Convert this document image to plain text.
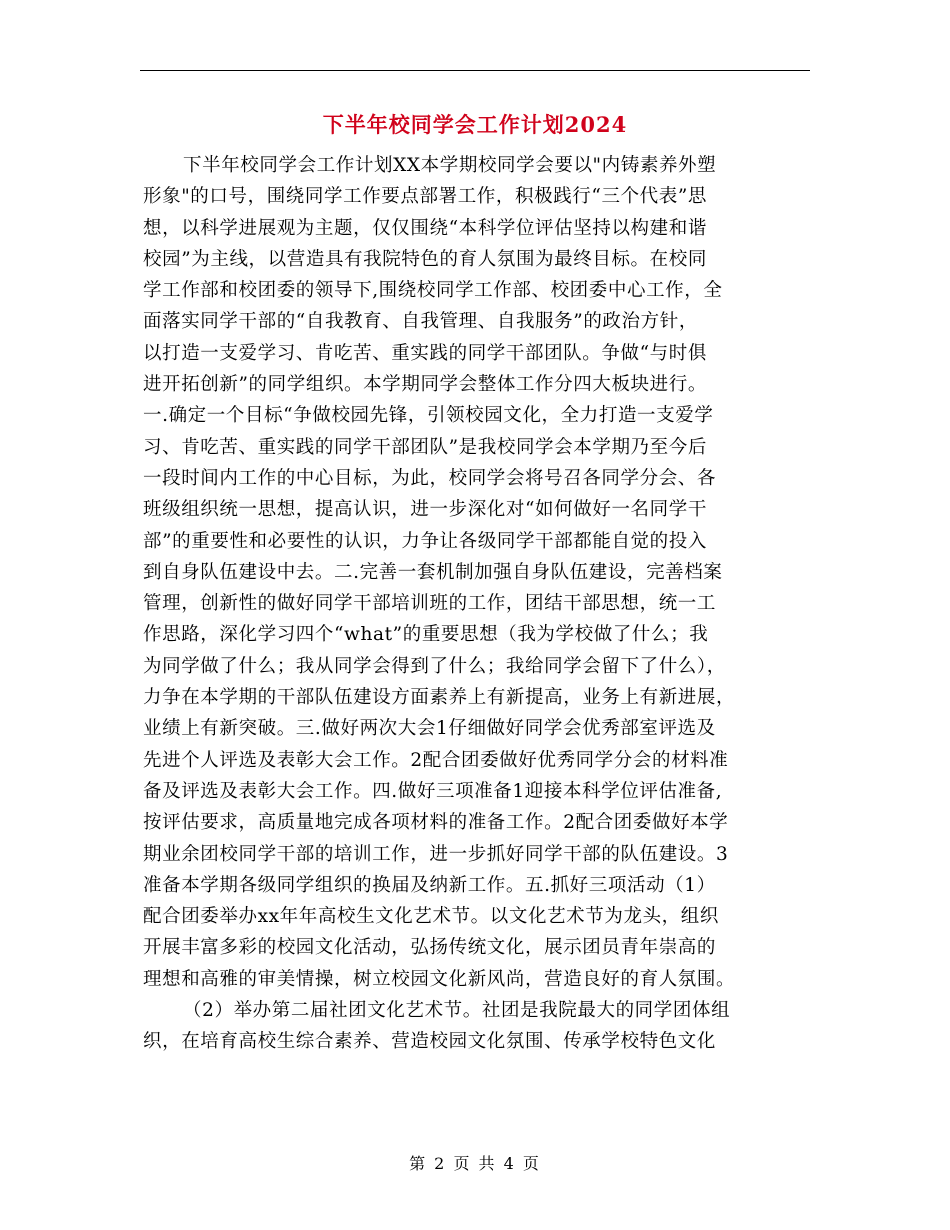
下半年校同学会工作计划2024
下半年校同学会工作计划XX本学期校同学会要以"内铸素养外塑
形象"的口号，围绕同学工作要点部署工作，积极践行“三个代表”思
想，以科学进展观为主题，仅仅围绕“本科学位评估坚持以构建和谐
校园”为主线，以营造具有我院特色的育人氛围为最终目标。在校同
学工作部和校团委的领导下,围绕校同学工作部、校团委中心工作，全
面落实同学干部的“自我教育、自我管理、自我服务”的政治方针，
以打造一支爱学习、肯吃苦、重实践的同学干部团队。争做“与时俱
进开拓创新”的同学组织。本学期同学会整体工作分四大板块进行。
一.确定一个目标“争做校园先锋，引领校园文化，全力打造一支爱学
习、肯吃苦、重实践的同学干部团队”是我校同学会本学期乃至今后
一段时间内工作的中心目标，为此，校同学会将号召各同学分会、各
班级组织统一思想，提高认识，进一步深化对“如何做好一名同学干
部”的重要性和必要性的认识，力争让各级同学干部都能自觉的投入
到自身队伍建设中去。二.完善一套机制加强自身队伍建设，完善档案
管理，创新性的做好同学干部培训班的工作，团结干部思想，统一工
作思路，深化学习四个“what”的重要思想（我为学校做了什么；我
为同学做了什么；我从同学会得到了什么；我给同学会留下了什么），
力争在本学期的干部队伍建设方面素养上有新提高，业务上有新进展，
业绩上有新突破。三.做好两次大会1仔细做好同学会优秀部室评选及
先进个人评选及表彰大会工作。2配合团委做好优秀同学分会的材料准
备及评选及表彰大会工作。四.做好三项准备1迎接本科学位评估准备,
按评估要求，高质量地完成各项材料的准备工作。2配合团委做好本学
期业余团校同学干部的培训工作，进一步抓好同学干部的队伍建设。3
准备本学期各级同学组织的换届及纳新工作。五.抓好三项活动（1）
配合团委举办xx年年高校生文化艺术节。以文化艺术节为龙头，组织
开展丰富多彩的校园文化活动，弘扬传统文化，展示团员青年崇高的
理想和高雅的审美情操，树立校园文化新风尚，营造良好的育人氛围。
（2）举办第二届社团文化艺术节。社团是我院最大的同学团体组
织，在培育高校生综合素养、营造校园文化氛围、传承学校特色文化
第 2 页 共 4 页
